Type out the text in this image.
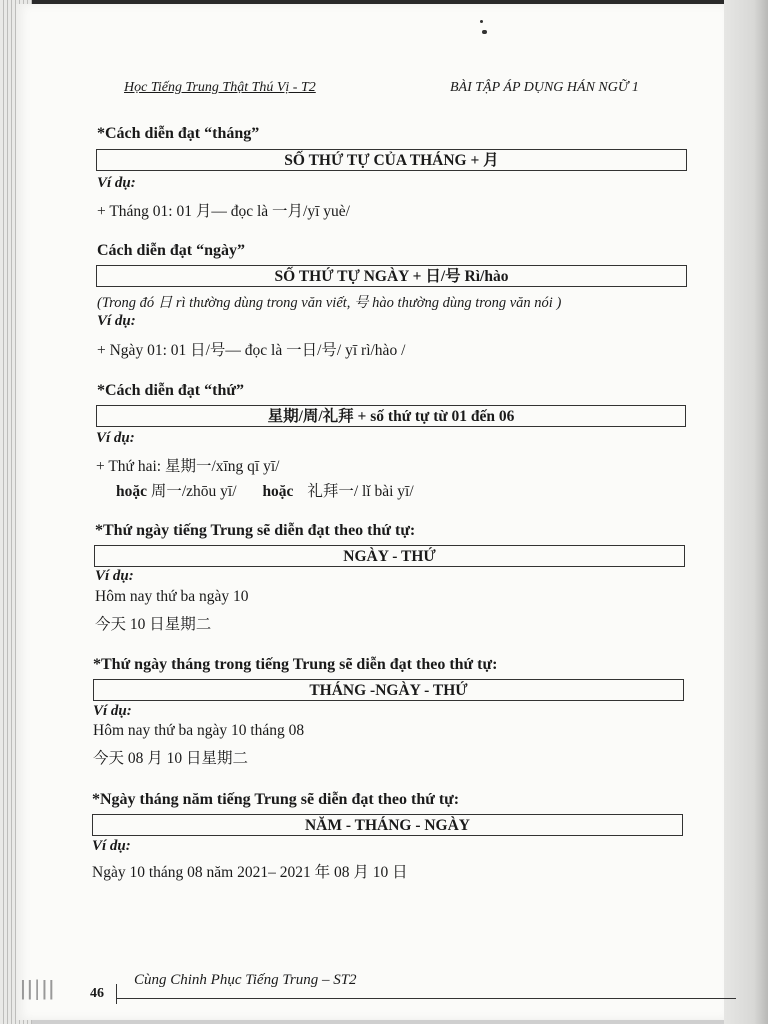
Học Tiếng Trung Thật Thú Vị - T2	BÀI TẬP ÁP DỤNG HÁN NGỮ 1
*Cách diễn đạt “tháng”
SỐ THỨ TỰ CỦA THÁNG + 月
Ví dụ:
+ Tháng 01: 01 月— đọc là 一月/yī yuè/
Cách diễn đạt “ngày”
SỐ THỨ TỰ NGÀY + 日/号 Rì/hào
(Trong đó 日 rì thường dùng trong văn viết, 号 hào thường dùng trong văn nói )
Ví dụ:
+ Ngày 01: 01 日/号— đọc là 一日/号/ yī rì/hào /
*Cách diễn đạt “thứ”
星期/周/礼拜 + số thứ tự từ 01 đến 06
Ví dụ:
+ Thứ hai: 星期一/xīng qī yī/
hoặc 周一/zhōu yī/ hoặc 礼拜一/ lǐ bài yī/
*Thứ ngày tiếng Trung sẽ diễn đạt theo thứ tự:
NGÀY - THỨ
Ví dụ:
Hôm nay thứ ba ngày 10
今天 10 日星期二
*Thứ ngày tháng trong tiếng Trung sẽ diễn đạt theo thứ tự:
THÁNG -NGÀY - THỨ
Ví dụ:
Hôm nay thứ ba ngày 10 tháng 08
今天 08 月 10 日星期二
*Ngày tháng năm tiếng Trung sẽ diễn đạt theo thứ tự:
NĂM - THÁNG - NGÀY
Ví dụ:
Ngày 10 tháng 08 năm 2021– 2021 年 08 月 10 日
ǀǀ|ǀǀ	46
Cùng Chinh Phục Tiếng Trung – ST2
